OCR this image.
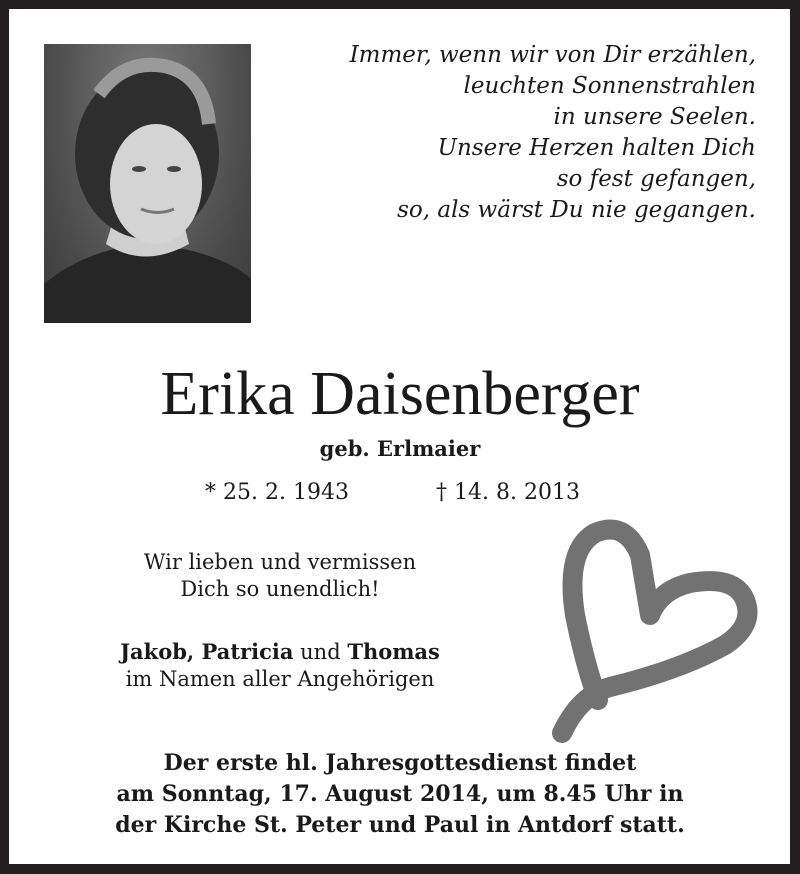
Immer, wenn wir von Dir erzählen,
leuchten Sonnenstrahlen
in unsere Seelen.
Unsere Herzen halten Dich
so fest gefangen,
so, als wärst Du nie gegangen.
Erika Daisenberger
geb. Erlmaier
* 25. 2. 1943	† 14. 8. 2013
Wir lieben und vermissen
Dich so unendlich!
Jakob, Patricia und Thomas
im Namen aller Angehörigen
Der erste hl. Jahresgottesdienst findet
am Sonntag, 17. August 2014, um 8.45 Uhr in
der Kirche St. Peter und Paul in Antdorf statt.
